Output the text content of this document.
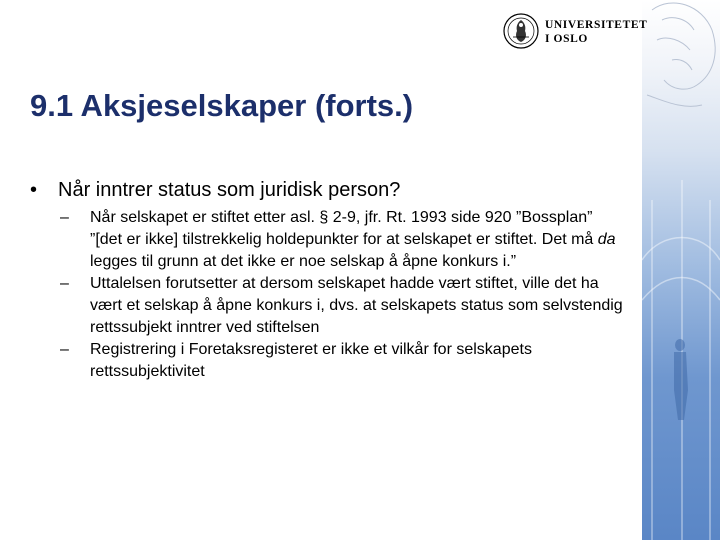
UNIVERSITETET
I OSLO
9.1 Aksjeselskaper (forts.)
•	Når inntrer status som juridisk person?
–	Når selskapet er stiftet etter asl. § 2-9, jfr. Rt. 1993 side 920 ”Bossplan”
”[det er ikke] tilstrekkelig holdepunkter for at selskapet er stiftet. Det må da legges til grunn at det ikke er noe selskap å åpne konkurs i.”
–	Uttalelsen forutsetter at dersom selskapet hadde vært stiftet, ville det ha vært et selskap å åpne konkurs i, dvs. at selskapets status som selvstendig rettssubjekt inntrer ved stiftelsen
–	Registrering i Foretaksregisteret er ikke et vilkår for selskapets rettssubjektivitet
